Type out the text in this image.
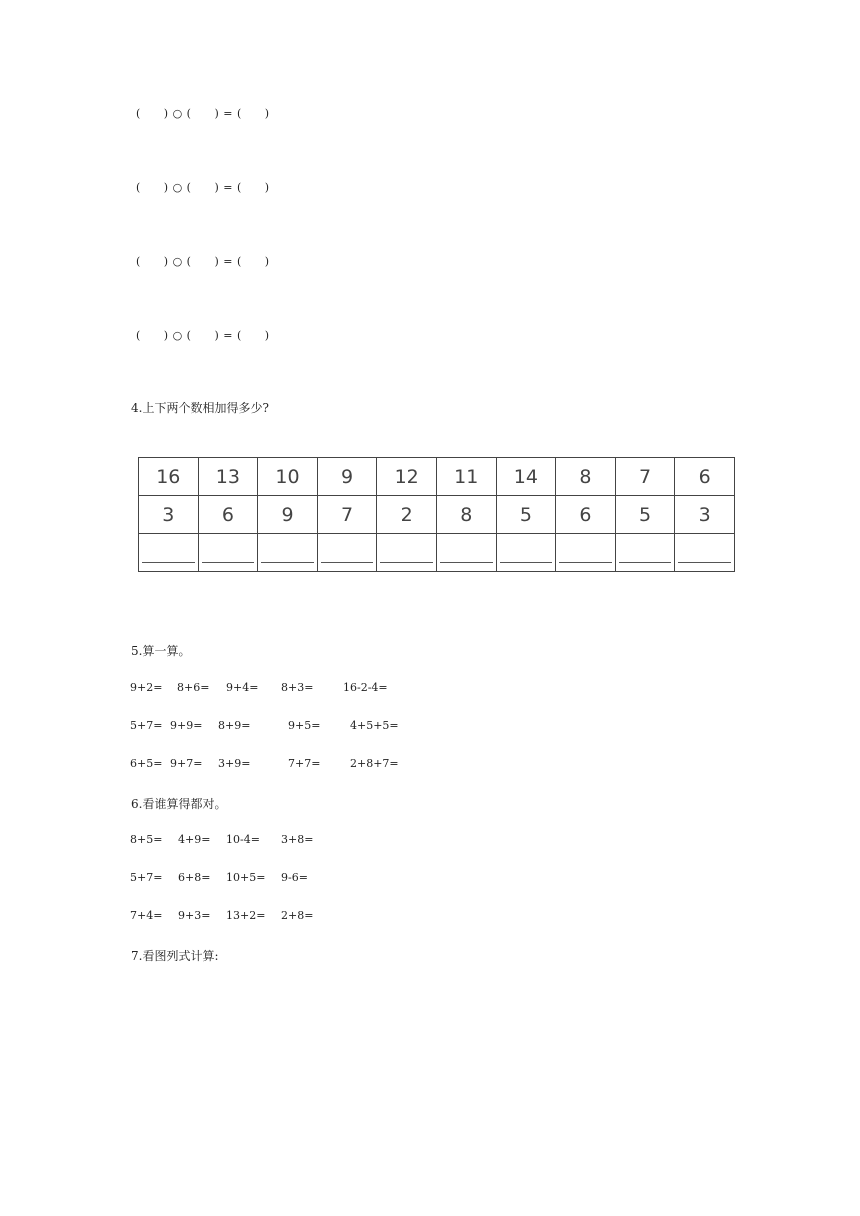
(　　) ○ (　　) = (　　)
(　　) ○ (　　) = (　　)
(　　) ○ (　　) = (　　)
(　　) ○ (　　) = (　　)
4.上下两个数相加得多少?
16	13	10	9	12	11	14	8	7	6
3	6	9	7	2	8	5	6	5	3

5.算一算。
9+2= 8+6= 9+4= 8+3=	16-2-4=
5+7= 9+9= 8+9=	9+5=	4+5+5=
6+5= 9+7= 3+9=	7+7=	2+8+7=
6.看谁算得都对。
8+5= 4+9= 10-4= 3+8=
5+7= 6+8= 10+5= 9-6=
7+4= 9+3= 13+2= 2+8=
7.看图列式计算:
